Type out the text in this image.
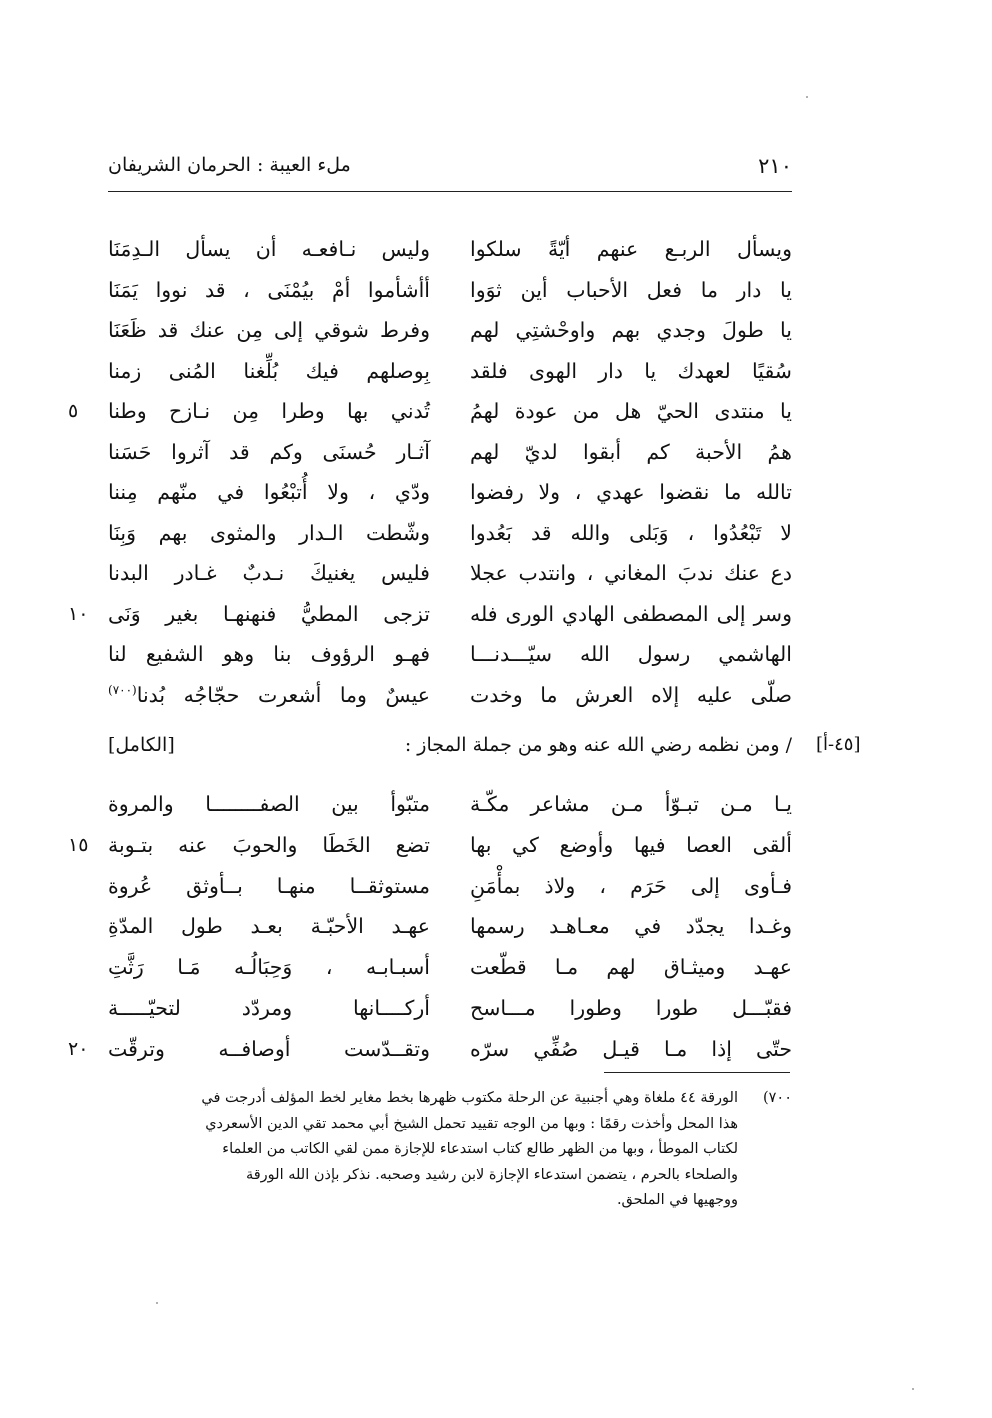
٢١٠
ملء العيبة : الحرمان الشريفان
ويسأل الربـع عنهم أيّةً سلكوا
وليس نـافعـه أن يسأل الـدِمَنَا
يا دار ما فعل الأحباب أين ثوَوا
أأشأموا أمْ بيُمْنَى ، قد نووا يَمَنَا
يا طولَ وجدي بهم واوحْشتِي لهم
وفرط شوقي إلى مِن عنك قد ظَعَنَا
سُقيًا لعهدك يا دار الهوى فلقد
بِوصلهم فيك بُلِّغنا المُنى زمنا
يا منتدى الحيّ هل من عودة لهمُ
تُدني بها وطرا مِن نـازح وطنا
٥
همُ الأحبة كم أبقوا لديّ لهم
آثـار حُسنَى وكم قد آثروا حَسَنا
تالله ما نقضوا عهدي ، ولا رفضوا
ودّي ، ولا أُتبْعُوا في منّهم مِننا
لا تَبْعُدُوا ، وَبَلى والله قد بَعُدوا
وشّطت الـدار والمثوى بهم وَبِنَا
دع عنك ندبَ المغاني ، وانتدب عجلا
فليس يغنيكَ نـدبٌ غـادر البدنا
وسر إلى المصطفى الهادي الورى فله
تزجى المطيُّ فنهنهـا بغير وَنَى
١٠
الهاشمي رسول الله سيّـــدنـــا
فهـو الرؤوف بنا وهو الشفيع لنا
صلّى عليه إلاه العرش ما وخدت
عيسٌ وما أشعرت حجّاجُه بُدنا$^{(٧٠٠)}$
[٤٥-أ]
/ ومن نظمه رضي الله عنه وهو من جملة المجاز :
[الكامل]
يـا مـن تبـوّأ مـن مشاعر مكّـة
متبّوأ بين الصفــــــــا والمروة
ألقى العصا فيها وأوضع كي بها
تضع الخَطَا والحوبَ عنه بتـوبة
١٥
فـأوى إلى حَرَم ، ولاذ بمأْمَنِ
مستوثقــا منهـا بــأوثق عُروة
وغـدا يجدّد في معـاهـد رسمها
عهـد الأحبّـة بعـد طول المدّةِ
عهـد وميثـاق لهم مـا قطّعت
أسبـابـه ، وَحِبَالُـه مَـا رَثَّتِ
فقبّـــل طورا وطورا مـــاسح
أركــــانها ومردّد لتحيّـــــة
حتّى إذا مـا قيـل صُفِّي سرّه
وتقــدّست أوصافــه وترقّت
٢٠
٧٠٠)
الورقة ٤٤ ملغاة وهي أجنبية عن الرحلة مكتوب ظهرها بخط مغاير لخط المؤلف أدرجت في
هذا المحل وأخذت رقمًا : وبها من الوجه تقييد تحمل الشيخ أبي محمد تقي الدين الأسعردي
لكتاب الموطأ ، وبها من الظهر طالع كتاب استدعاء للإجازة ممن لقي الكاتب من العلماء
والصلحاء بالحرم ، يتضمن استدعاء الإجازة لابن رشيد وصحبه. نذكر بإذن الله الورقة
ووجهيها في الملحق.
